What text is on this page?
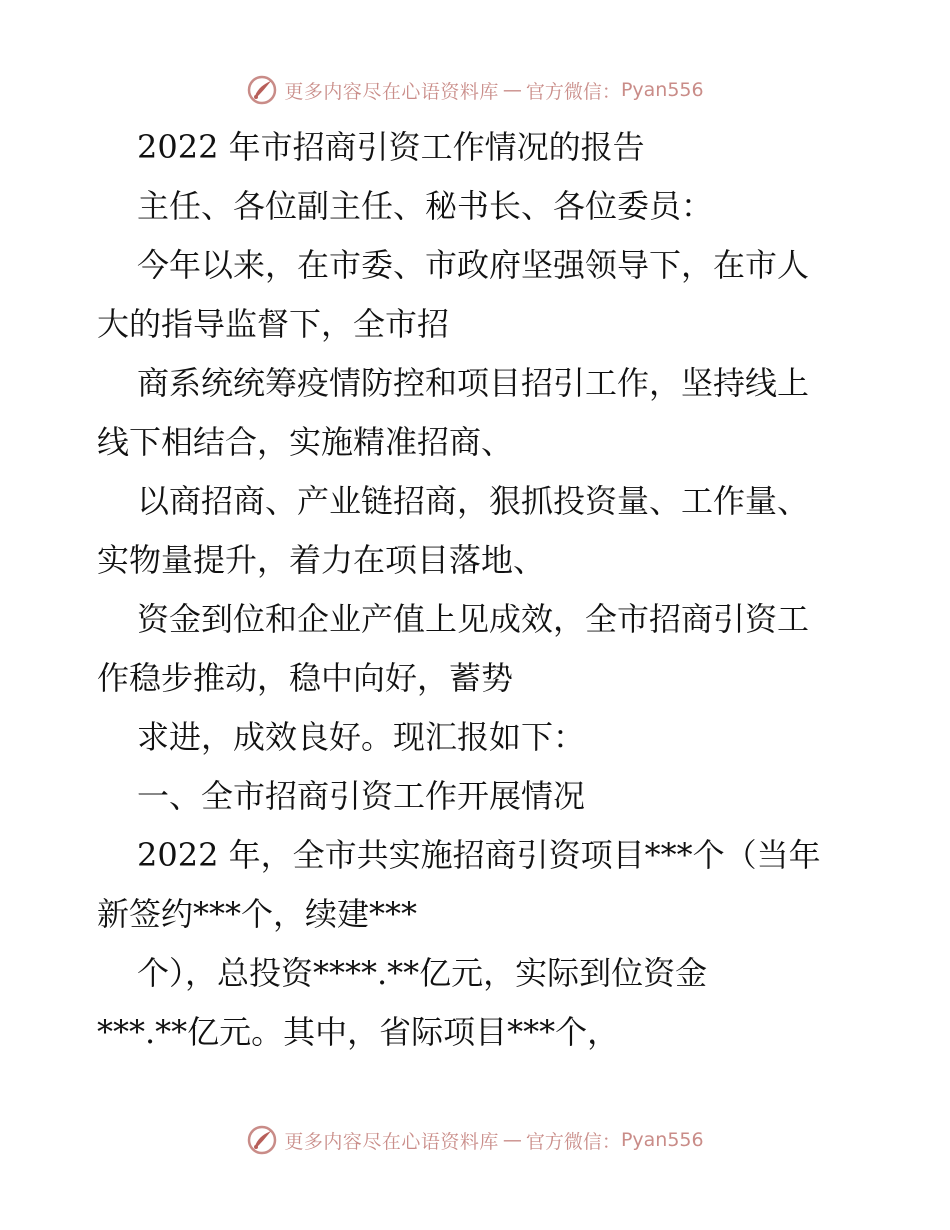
更多内容尽在心语资料库 — 官方微信： Pyan556

2022 年市招商引资工作情况的报告

主任、各位副主任、秘书长、各位委员：

今年以来，在市委、市政府坚强领导下，在市人

大的指导监督下，全市招

商系统统筹疫情防控和项目招引工作，坚持线上

线下相结合，实施精准招商、

以商招商、产业链招商，狠抓投资量、工作量、

实物量提升，着力在项目落地、

资金到位和企业产值上见成效，全市招商引资工

作稳步推动，稳中向好，蓄势

求进，成效良好。现汇报如下：

一、全市招商引资工作开展情况

2022 年，全市共实施招商引资项目***个（当年

新签约***个，续建***

个），总投资****.**亿元，实际到位资金

***.**亿元。其中，省际项目***个，

更多内容尽在心语资料库 — 官方微信： Pyan556
